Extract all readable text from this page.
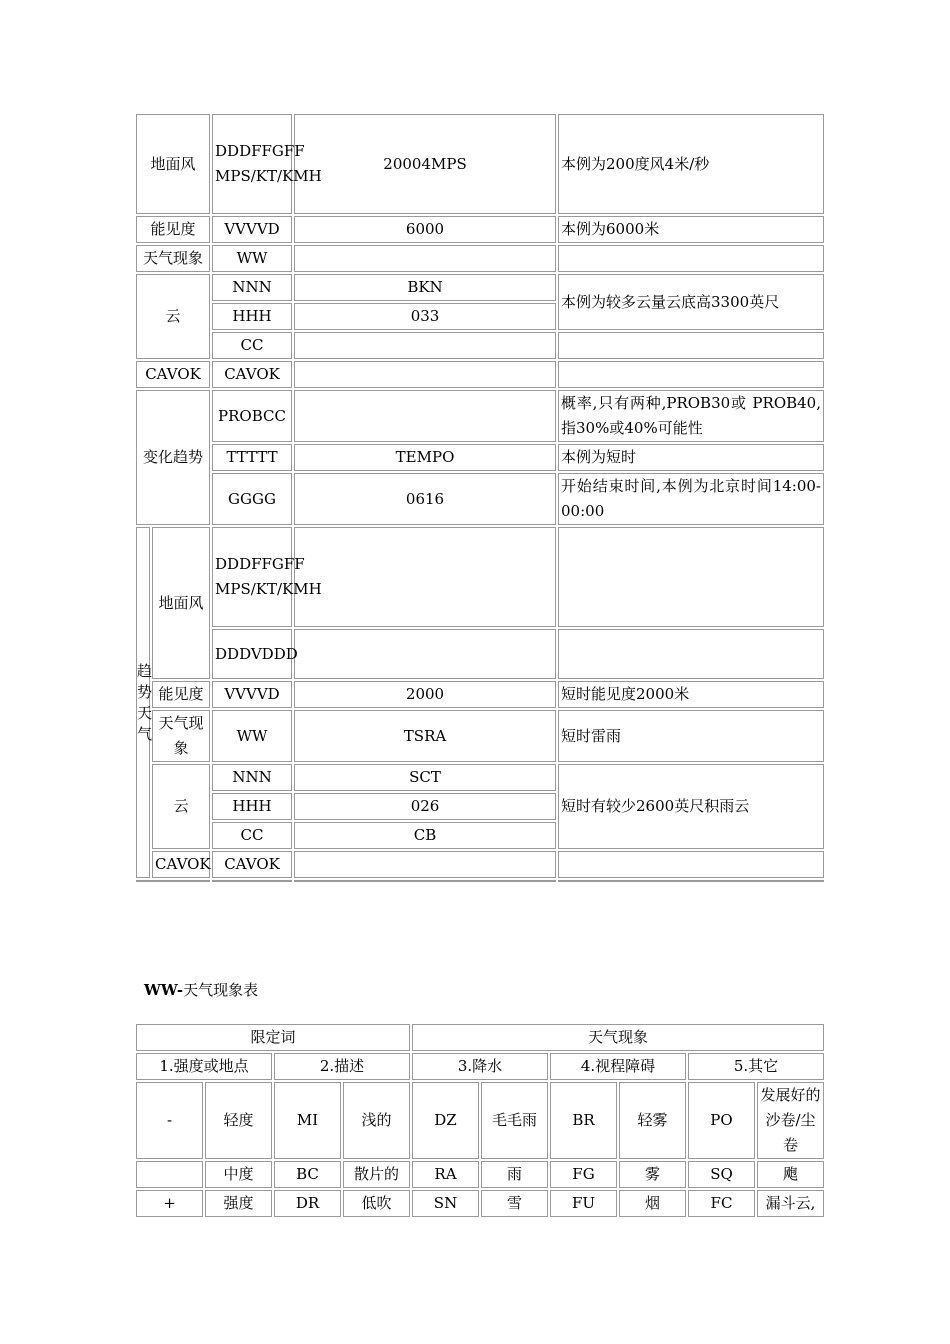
地面风		DDDFFGFF MPS/KT/KMH	20004MPS	本例为200度风4米/秒
能见度		VVVVD	6000	本例为6000米
天气现象		WW		
云		NNN	BKN	本例为较多云量云底高3300英尺
		HHH	033	
		CC		
CAVOK		CAVOK		
变化趋势		PROBCC		概率,只有两种,PROB30或 PROB40,指30%或40%可能性
		TTTTT	TEMPO	本例为短时
		GGGG	0616	开始结束时间,本例为北京时间14:00-00:00

趋势天气	地面风	DDDFFGFF MPS/KT/KMH		
		DDDVDDD		
	能见度	VVVVD	2000	短时能见度2000米
	天气现象	WW	TSRA	短时雷雨
	云	NNN	SCT	短时有较少2600英尺积雨云
		HHH	026	
		CC	CB	
	CAVOK	CAVOK		

WW-天气现象表
限定词				天气现象					
1.强度或地点		2.描述		3.降水		4.视程障碍		5.其它	
-	轻度	MI	浅的	DZ	毛毛雨	BR	轻雾	PO	发展好的沙卷/尘卷
	中度	BC	散片的	RA	雨	FG	雾	SQ	飑
+	强度	DR	低吹	SN	雪	FU	烟	FC	漏斗云,
